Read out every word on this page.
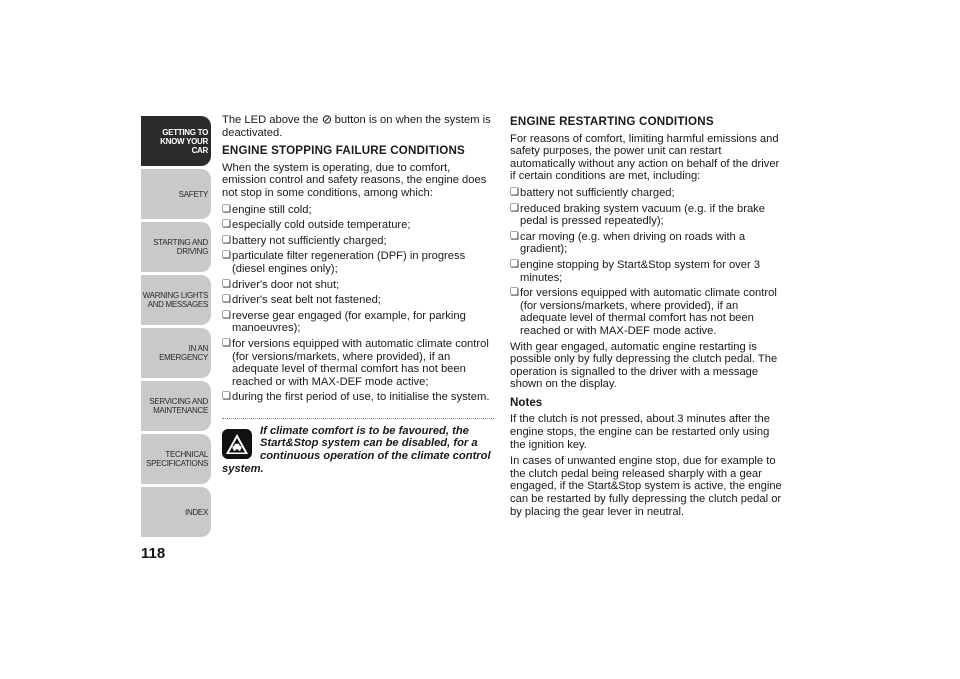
GETTING TO KNOW YOUR CAR
SAFETY
STARTING AND DRIVING
WARNING LIGHTS AND MESSAGES
IN AN EMERGENCY
SERVICING AND MAINTENANCE
TECHNICAL SPECIFICATIONS
INDEX
118

The LED above the button is on when the system is deactivated.

ENGINE STOPPING FAILURE CONDITIONS

When the system is operating, due to comfort, emission control and safety reasons, the engine does not stop in some conditions, among which:

❏ engine still cold;
❏ especially cold outside temperature;
❏ battery not sufficiently charged;
❏ particulate filter regeneration (DPF) in progress (diesel engines only);
❏ driver's door not shut;
❏ driver's seat belt not fastened;
❏ reverse gear engaged (for example, for parking manoeuvres);
❏ for versions equipped with automatic climate control (for versions/markets, where provided), if an adequate level of thermal comfort has not been reached or with MAX-DEF mode active;
❏ during the first period of use, to initialise the system.
If climate comfort is to be favoured, the Start&Stop system can be disabled, for a continuous operation of the climate control system.
ENGINE RESTARTING CONDITIONS

For reasons of comfort, limiting harmful emissions and safety purposes, the power unit can restart automatically without any action on behalf of the driver if certain conditions are met, including:

❏ battery not sufficiently charged;
❏ reduced braking system vacuum (e.g. if the brake pedal is pressed repeatedly);
❏ car moving (e.g. when driving on roads with a gradient);
❏ engine stopping by Start&Stop system for over 3 minutes;
❏ for versions equipped with automatic climate control (for versions/markets, where provided), if an adequate level of thermal comfort has not been reached or with MAX-DEF mode active.

With gear engaged, automatic engine restarting is possible only by fully depressing the clutch pedal. The operation is signalled to the driver with a message shown on the display.

Notes

If the clutch is not pressed, about 3 minutes after the engine stops, the engine can be restarted only using the ignition key.

In cases of unwanted engine stop, due for example to the clutch pedal being released sharply with a gear engaged, if the Start&Stop system is active, the engine can be restarted by fully depressing the clutch pedal or by placing the gear lever in neutral.
